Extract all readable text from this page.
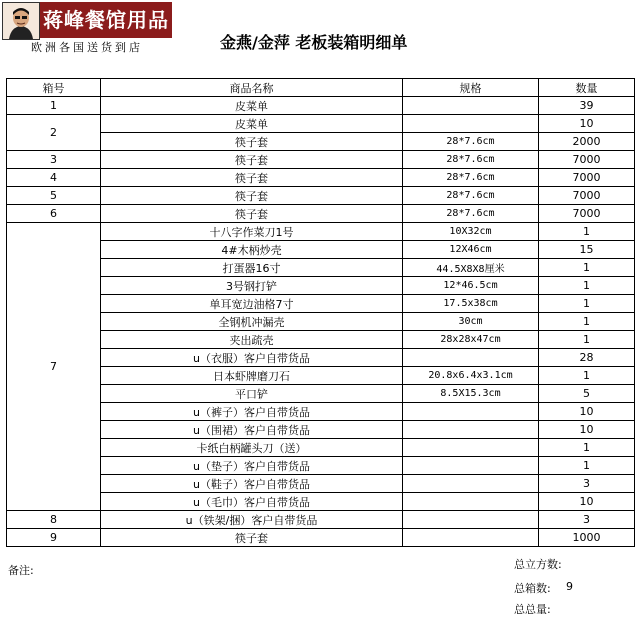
蒋峰餐馆用品
欧洲各国送货到店	金燕/金萍 老板装箱明细单
箱号	商品名称	规格	数量
1	皮菜单		39
2	皮菜单		10
	筷子套	28*7.6cm	2000
3	筷子套	28*7.6cm	7000
4	筷子套	28*7.6cm	7000
5	筷子套	28*7.6cm	7000
6	筷子套	28*7.6cm	7000
7	十八字作菜刀1号	10X32cm	1
	4#木柄炒壳	12X46cm	15
	打蛋器16寸	44.5X8X8厘米	1
	3号钢打铲	12*46.5cm	1
	单耳宽边油格7寸	17.5x38cm	1
	全钢机冲漏壳	30cm	1
	夹出疏壳	28x28x47cm	1
	u（衣服）客户自带货品		28
	日本虾牌磨刀石	20.8x6.4x3.1cm	1
	平口铲	8.5X15.3cm	5
	u（裤子）客户自带货品		10
	u（围裙）客户自带货品		10
	卡纸白柄罐头刀（送）		1
	u（垫子）客户自带货品		1
	u（鞋子）客户自带货品		3
	u（毛巾）客户自带货品		10
8	u（铁架/捆）客户自带货品		3
9	筷子套		1000
备注:	总立方数:
总箱数: 9
总总量:
